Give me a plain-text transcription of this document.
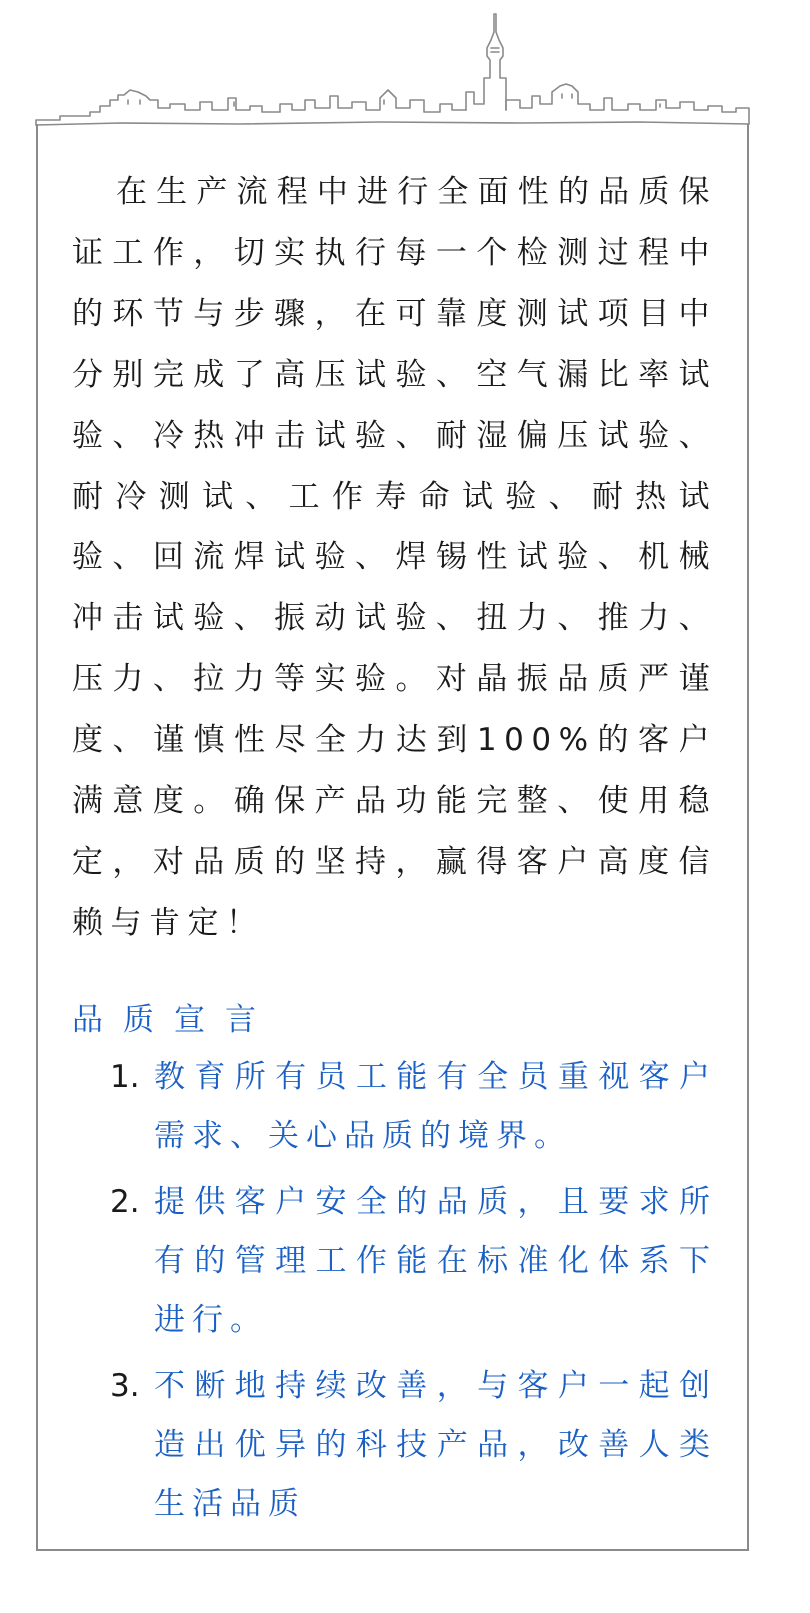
在生产流程中进行全面性的品质保证工作，切实执行每一个检测过程中的环节与步骤，在可靠度测试项目中分别完成了高压试验、空气漏比率试验、冷热冲击试验、耐湿偏压试验、耐冷测试、工作寿命试验、耐热试验、回流焊试验、焊锡性试验、机械冲击试验、振动试验、扭力、推力、压力、拉力等实验。对晶振品质严谨度、谨慎性尽全力达到100%的客户满意度。确保产品功能完整、使用稳定，对品质的坚持，赢得客户高度信赖与肯定！

品质宣言
1. 教育所有员工能有全员重视客户需求、关心品质的境界。
2. 提供客户安全的品质，且要求所有的管理工作能在标准化体系下进行。
3. 不断地持续改善，与客户一起创造出优异的科技产品，改善人类生活品质
